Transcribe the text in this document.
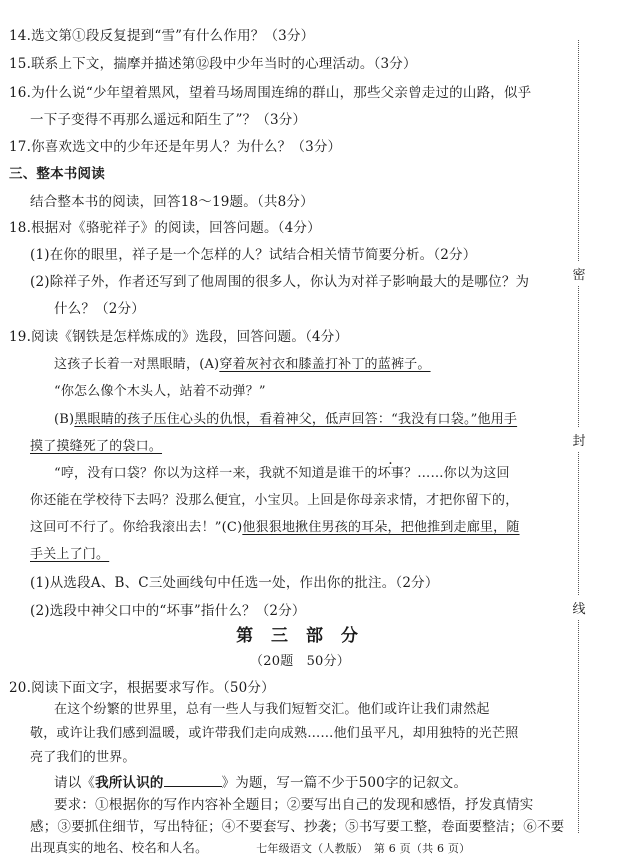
密
封
线
14.选文第①段反复提到“雪”有什么作用？（3分）
15.联系上下文，揣摩并描述第⑫段中少年当时的心理活动。（3分）
16.为什么说“少年望着黑风，望着马场周围连绵的群山，那些父亲曾走过的山路，似乎
一下子变得不再那么遥远和陌生了”？（3分）
17.你喜欢选文中的少年还是年男人？为什么？（3分）
三、整本书阅读
结合整本书的阅读，回答18～19题。（共8分）
18.根据对《骆驼祥子》的阅读，回答问题。（4分）
(1)在你的眼里，祥子是一个怎样的人？试结合相关情节简要分析。（2分）
(2)除祥子外，作者还写到了他周围的很多人，你认为对祥子影响最大的是哪位？为
什么？（2分）
19.阅读《钢铁是怎样炼成的》选段，回答问题。（4分）
这孩子长着一对黑眼睛，(A)穿着灰衬衣和膝盖打补丁的蓝裤子。
“你怎么像个木头人，站着不动弹？”
(B)黑眼睛的孩子压住心头的仇恨，看着神父，低声回答：“我没有口袋。”他用手
摸了摸缝死了的袋口。
“哼，没有口袋？你以为这样一来，我就不知道是谁干的坏事？……你以为这回
你还能在学校待下去吗？没那么便宜，小宝贝。上回是你母亲求情，才把你留下的，
这回可不行了。你给我滚出去！”(C)他狠狠地揪住男孩的耳朵，把他推到走廊里，随
手关上了门。
(1)从选段A、B、C三处画线句中任选一处，作出你的批注。（2分）
(2)选段中神父口中的“坏事”指什么？（2分）
第 三 部 分
（20题　50分）
20.阅读下面文字，根据要求写作。（50分）
在这个纷繁的世界里，总有一些人与我们短暂交汇。他们或许让我们肃然起
敬，或许让我们感到温暖，或许带我们走向成熟……他们虽平凡，却用独特的光芒照
亮了我们的世界。
请以《我所认识的	》为题，写一篇不少于500字的记叙文。
要求：①根据你的写作内容补全题目；②要写出自己的发现和感悟，抒发真情实
感；③要抓住细节，写出特征；④不要套写、抄袭；⑤书写要工整，卷面要整洁；⑥不要
出现真实的地名、校名和人名。	七年级语文（人教版）　第 6 页（共 6 页）
